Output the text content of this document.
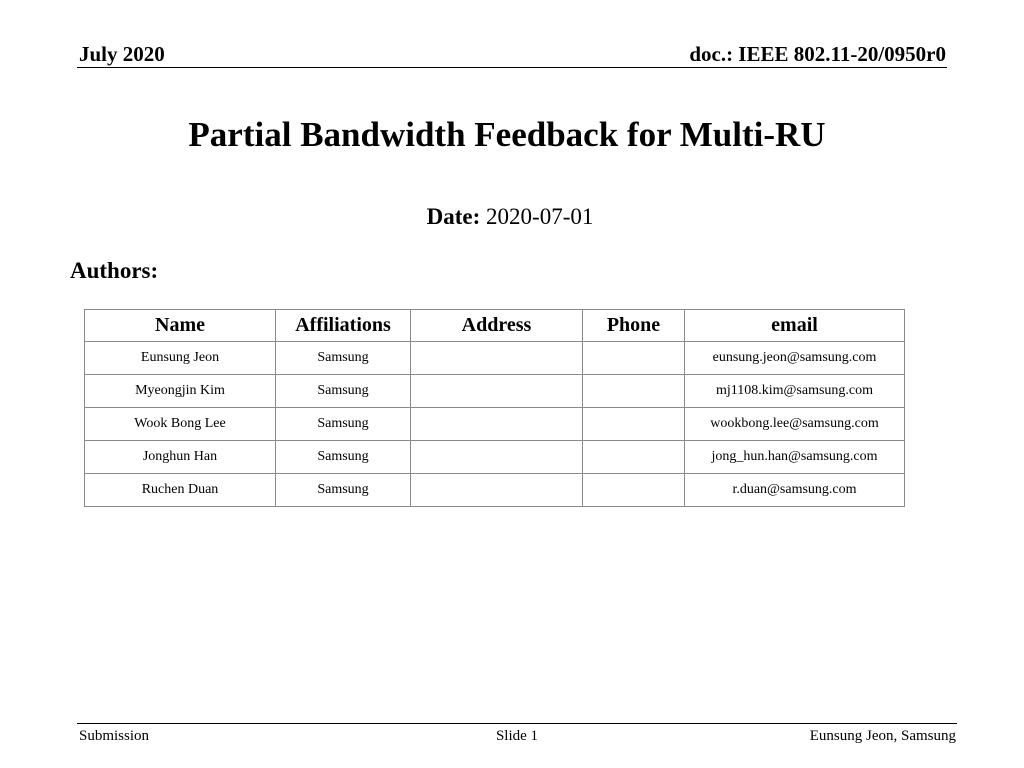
July 2020	doc.: IEEE 802.11-20/0950r0
Partial Bandwidth Feedback for Multi-RU
Date: 2020-07-01
Authors:
Name	Affiliations	Address	Phone	email
Eunsung Jeon	Samsung			eunsung.jeon@samsung.com
Myeongjin Kim	Samsung			mj1108.kim@samsung.com
Wook Bong Lee	Samsung			wookbong.lee@samsung.com
Jonghun Han	Samsung			jong_hun.han@samsung.com
Ruchen Duan	Samsung			r.duan@samsung.com
Submission	Slide 1	Eunsung Jeon, Samsung
